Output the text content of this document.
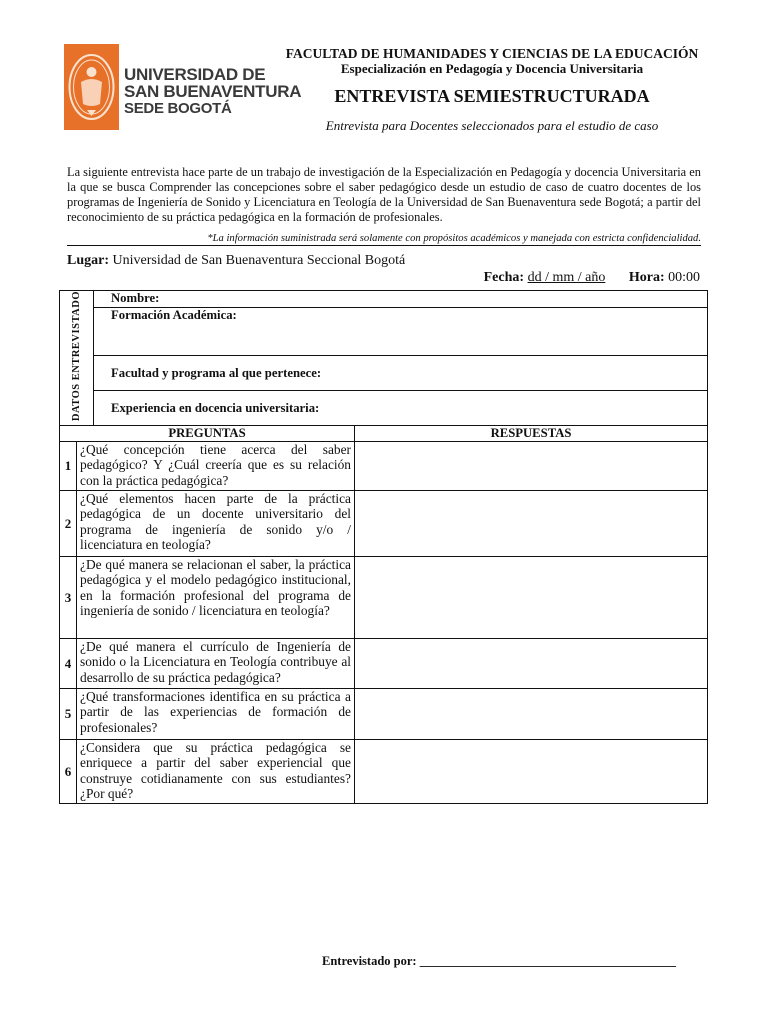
UNIVERSIDAD DE
SAN BUENAVENTURA
SEDE BOGOTÁ
FACULTAD DE HUMANIDADES Y CIENCIAS DE LA EDUCACIÓN
Especialización en Pedagogía y Docencia Universitaria
ENTREVISTA SEMIESTRUCTURADA
Entrevista para Docentes seleccionados para el estudio de caso
La siguiente entrevista hace parte de un trabajo de investigación de la Especialización en Pedagogía y docencia Universitaria en la que se busca Comprender las concepciones sobre el saber pedagógico desde un estudio de caso de cuatro docentes de los programas de Ingeniería de Sonido y Licenciatura en Teología de la Universidad de San Buenaventura sede Bogotá; a partir del reconocimiento de su práctica pedagógica en la formación de profesionales.
*La información suministrada será solamente con propósitos académicos y manejada con estricta confidencialidad.
Lugar: Universidad de San Buenaventura Seccional Bogotá
Fecha: dd / mm / año Hora: 00:00
DATOS ENTREVISTADO		Nombre:	
		Formación Académica:	
		Facultad y programa al que pertenece:	
		Experiencia en docencia universitaria:	
PREGUNTAS			RESPUESTAS
1	¿Qué concepción tiene acerca del saber pedagógico? Y ¿Cuál creería que es su relación con la práctica pedagógica?		
2	¿Qué elementos hacen parte de la práctica pedagógica de un docente universitario del programa de ingeniería de sonido y/o / licenciatura en teología?		
3	¿De qué manera se relacionan el saber, la práctica pedagógica y el modelo pedagógico institucional, en la formación profesional del programa de ingeniería de sonido / licenciatura en teología?		
4	¿De qué manera el currículo de Ingeniería de sonido o la Licenciatura en Teología contribuye al desarrollo de su práctica pedagógica?		
5	¿Qué transformaciones identifica en su práctica a partir de las experiencias de formación de profesionales?		
6	¿Considera que su práctica pedagógica se enriquece a partir del saber experiencial que construye cotidianamente con sus estudiantes? ¿Por qué?		
Entrevistado por: _________________________________________
